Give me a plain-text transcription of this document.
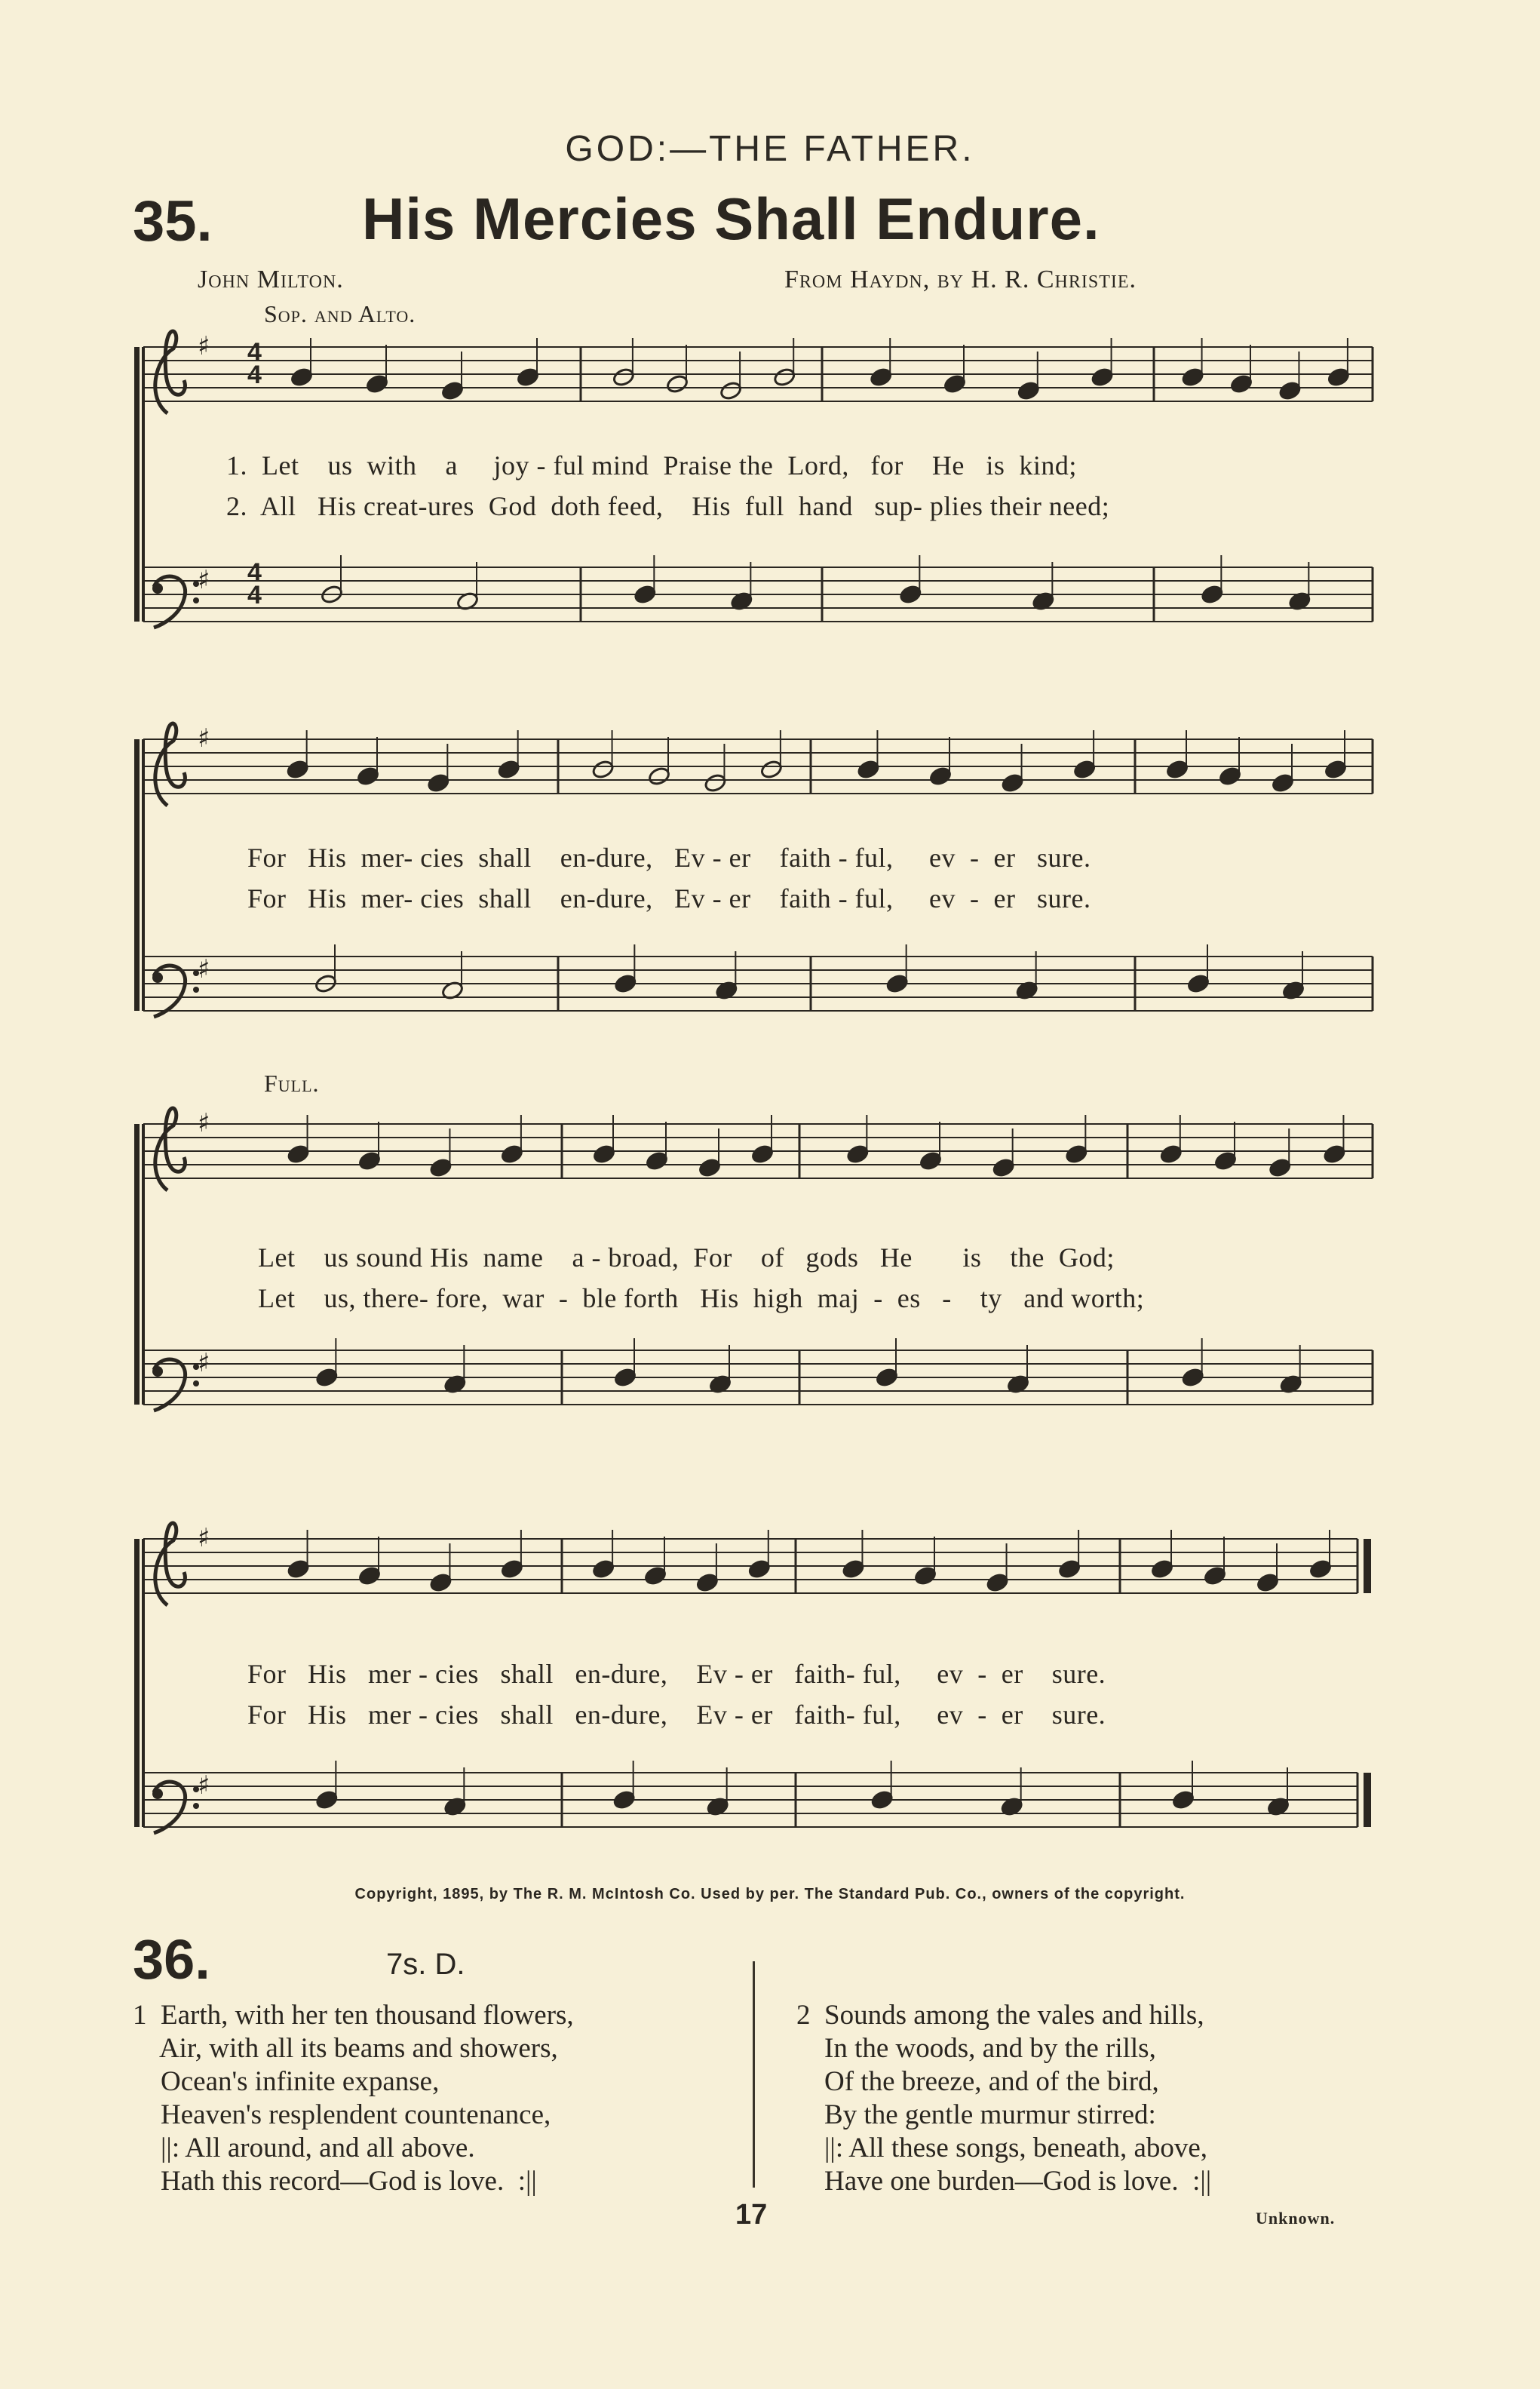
GOD:—THE FATHER.
35.	His Mercies Shall Endure.
John Milton.	From Haydn, by H. R. Christie.
Sop. and Alto.
Full.
♯
♯
♯
♯
♯
♯
♯
♯
4
4
4
4
1.  Let    us  with    a     joy - ful mind  Praise the  Lord,   for    He   is  kind;
2.  All   His creat-ures  God  doth feed,    His  full  hand   sup- plies their need;
For   His  mer- cies  shall    en-dure,   Ev - er    faith - ful,     ev  -  er   sure.
For   His  mer- cies  shall    en-dure,   Ev - er    faith - ful,     ev  -  er   sure.
Let    us sound His  name    a - broad,  For    of   gods   He       is    the  God;
Let    us, there- fore,  war  -  ble forth   His  high  maj  -  es   -    ty   and worth;
For   His   mer - cies   shall   en-dure,    Ev - er   faith- ful,     ev  -  er    sure.
For   His   mer - cies   shall   en-dure,    Ev - er   faith- ful,     ev  -  er    sure.
Copyright, 1895, by The R. M. McIntosh Co. Used by per. The Standard Pub. Co., owners of the copyright.
36.	7s. D.
1  Earth, with her ten thousand flowers,
Air, with all its beams and showers,
Ocean's infinite expanse,
Heaven's resplendent countenance,
||: All around, and all above.
Hath this record—God is love.  :||
2  Sounds among the vales and hills,
In the woods, and by the rills,
Of the breeze, and of the bird,
By the gentle murmur stirred:
||: All these songs, beneath, above,
Have one burden—God is love.  :||
17	Unknown.
